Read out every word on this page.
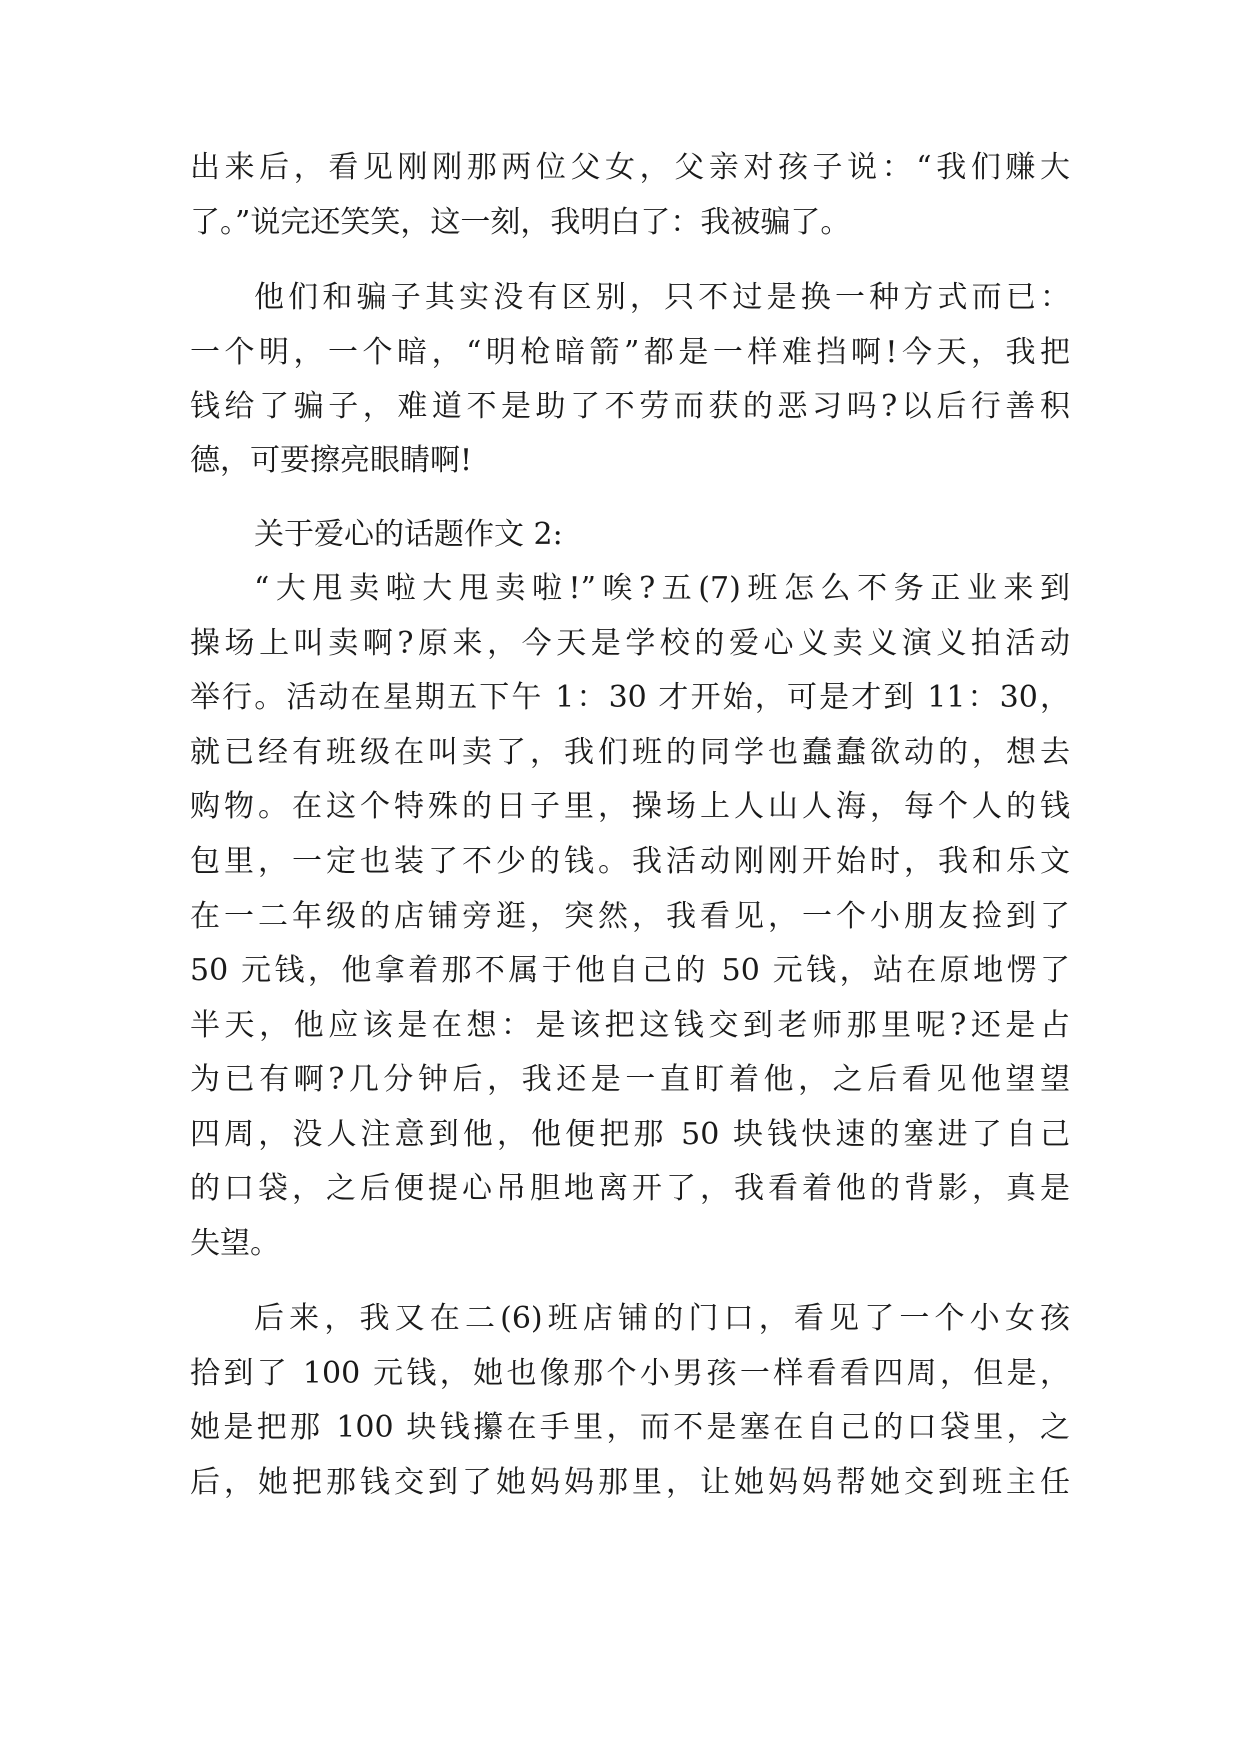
出来后，看见刚刚那两位父女，父亲对孩子说：“我们赚大
了。”说完还笑笑，这一刻，我明白了：我被骗了。
他们和骗子其实没有区别，只不过是换一种方式而已：
一个明，一个暗，“明枪暗箭”都是一样难挡啊!今天，我把
钱给了骗子，难道不是助了不劳而获的恶习吗?以后行善积
德，可要擦亮眼睛啊!
关于爱心的话题作文 2:
“大甩卖啦大甩卖啦!”唉?五(7)班怎么不务正业来到
操场上叫卖啊?原来，今天是学校的爱心义卖义演义拍活动
举行。活动在星期五下午 1：30 才开始，可是才到 11：30，
就已经有班级在叫卖了，我们班的同学也蠢蠢欲动的，想去
购物。在这个特殊的日子里，操场上人山人海，每个人的钱
包里，一定也装了不少的钱。我活动刚刚开始时，我和乐文
在一二年级的店铺旁逛，突然，我看见，一个小朋友捡到了
50 元钱，他拿着那不属于他自己的 50 元钱，站在原地愣了
半天，他应该是在想：是该把这钱交到老师那里呢?还是占
为已有啊?几分钟后，我还是一直盯着他，之后看见他望望
四周，没人注意到他，他便把那 50 块钱快速的塞进了自己
的口袋，之后便提心吊胆地离开了，我看着他的背影，真是
失望。
后来，我又在二(6)班店铺的门口，看见了一个小女孩
拾到了 100 元钱，她也像那个小男孩一样看看四周，但是，
她是把那 100 块钱攥在手里，而不是塞在自己的口袋里，之
后，她把那钱交到了她妈妈那里，让她妈妈帮她交到班主任
